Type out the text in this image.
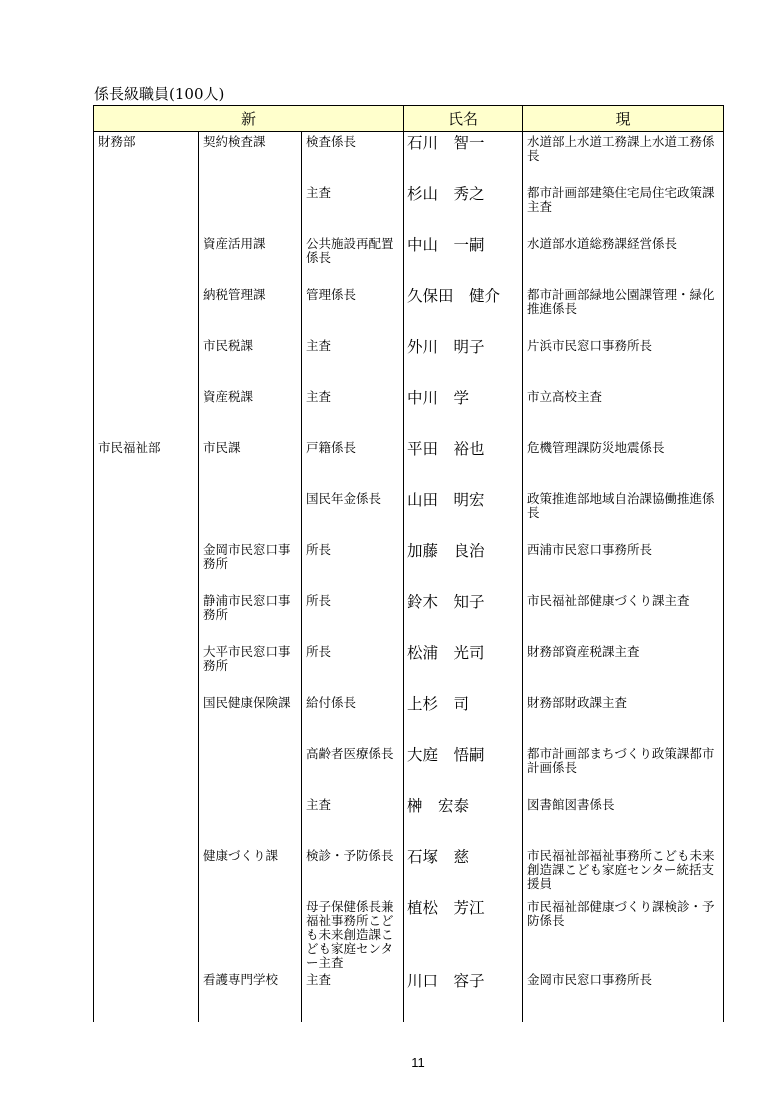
係長級職員(100人)
新			氏名	現
財務部	契約検査課	検査係長	石川　智一	水道部上水道工務課上水道工務係長
		主査	杉山　秀之	都市計画部建築住宅局住宅政策課主査
	資産活用課	公共施設再配置係長	中山　一嗣	水道部水道総務課経営係長
	納税管理課	管理係長	久保田　健介	都市計画部緑地公園課管理・緑化推進係長
	市民税課	主査	外川　明子	片浜市民窓口事務所長
	資産税課	主査	中川　学	市立高校主査
市民福祉部	市民課	戸籍係長	平田　裕也	危機管理課防災地震係長
		国民年金係長	山田　明宏	政策推進部地域自治課協働推進係長
	金岡市民窓口事務所	所長	加藤　良治	西浦市民窓口事務所長
	静浦市民窓口事務所	所長	鈴木　知子	市民福祉部健康づくり課主査
	大平市民窓口事務所	所長	松浦　光司	財務部資産税課主査
	国民健康保険課	給付係長	上杉　司	財務部財政課主査
		高齢者医療係長	大庭　悟嗣	都市計画部まちづくり政策課都市計画係長
		主査	榊　宏泰	図書館図書係長
	健康づくり課	検診・予防係長	石塚　慈	市民福祉部福祉事務所こども未来創造課こども家庭センター統括支援員
		母子保健係長兼福祉事務所こども未来創造課こども家庭センター主査	植松　芳江	市民福祉部健康づくり課検診・予防係長
	看護専門学校	主査	川口　容子	金岡市民窓口事務所長
11
